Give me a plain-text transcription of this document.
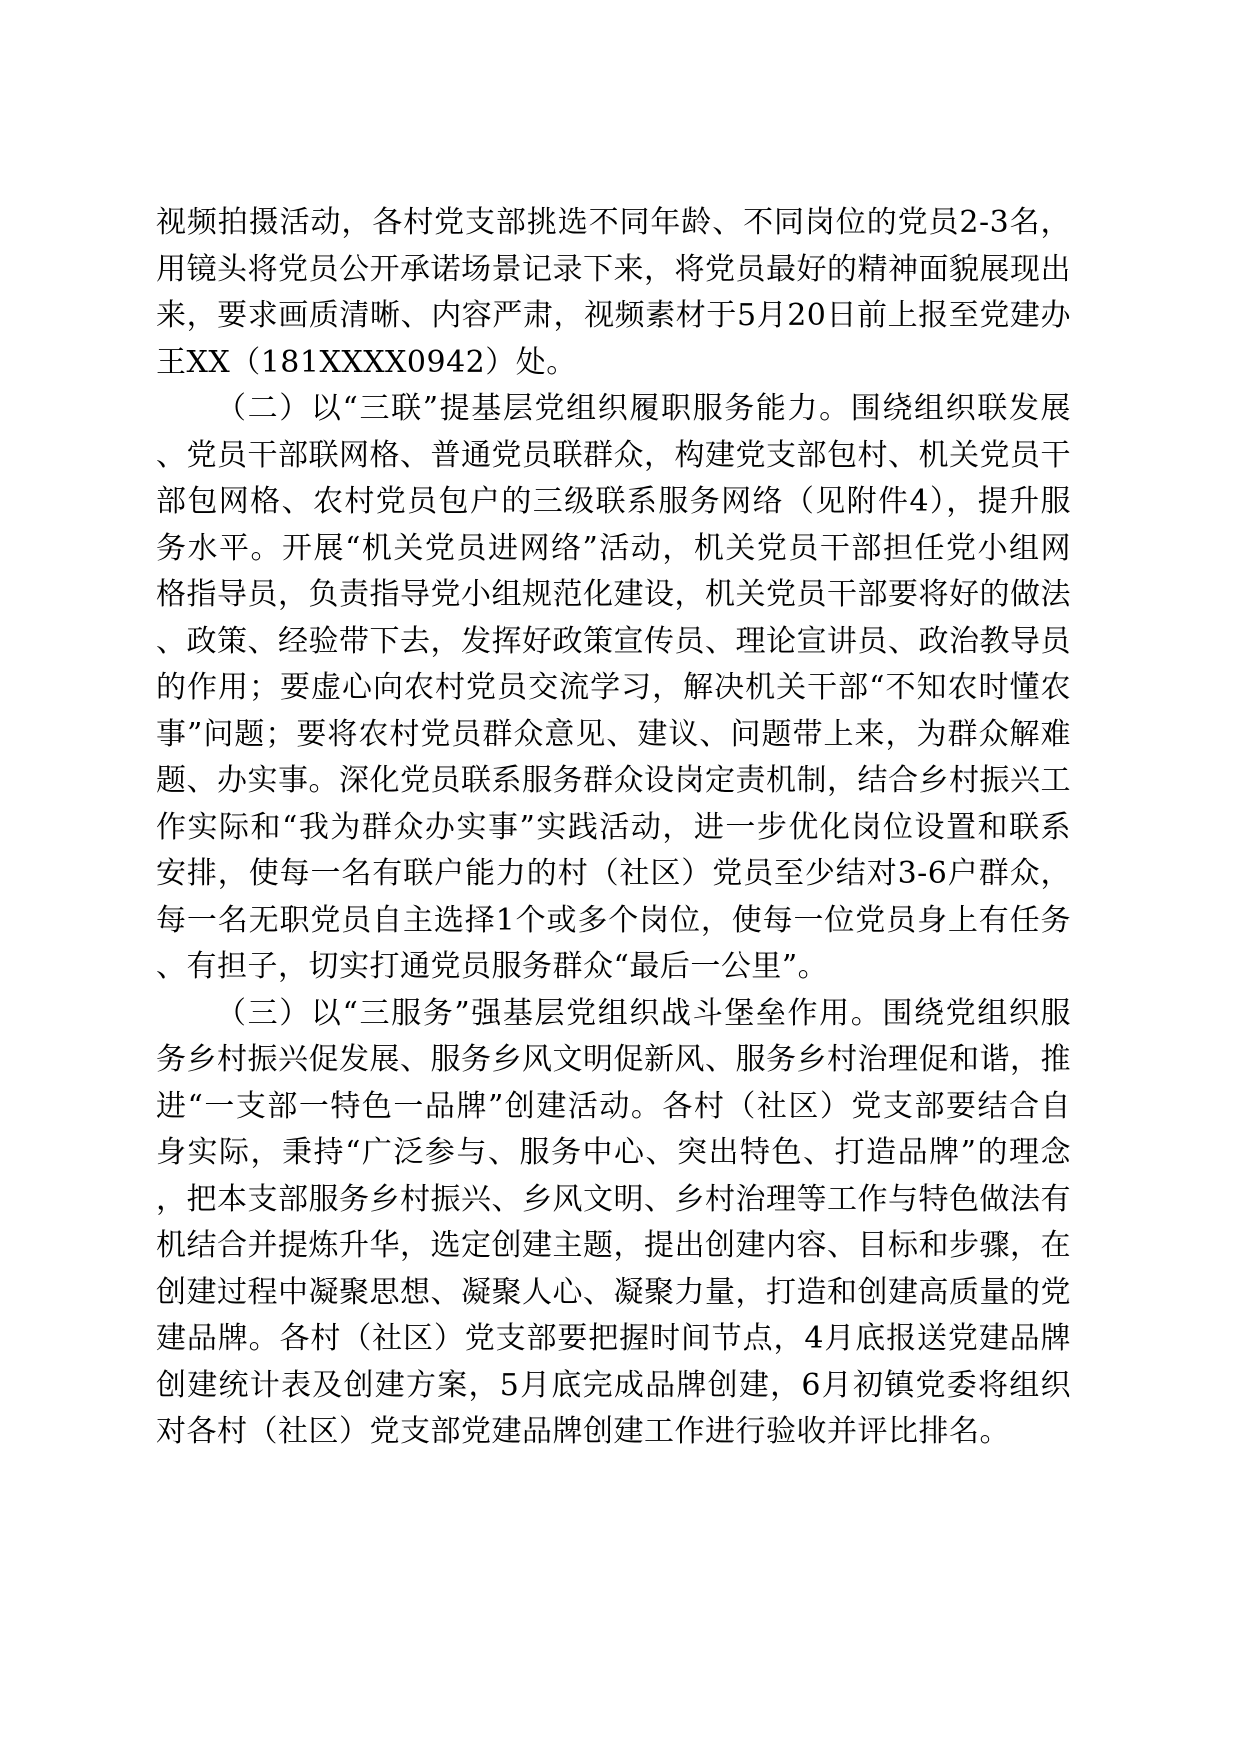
视频拍摄活动，各村党支部挑选不同年龄、不同岗位的党员2-3名，用镜头将党员公开承诺场景记录下来，将党员最好的精神面貌展现出来，要求画质清晰、内容严肃，视频素材于5月20日前上报至党建办王XX（181XXXX0942）处。

（二）以“三联”提基层党组织履职服务能力。围绕组织联发展、党员干部联网格、普通党员联群众，构建党支部包村、机关党员干部包网格、农村党员包户的三级联系服务网络（见附件4），提升服务水平。开展“机关党员进网络”活动，机关党员干部担任党小组网格指导员，负责指导党小组规范化建设，机关党员干部要将好的做法、政策、经验带下去，发挥好政策宣传员、理论宣讲员、政治教导员的作用；要虚心向农村党员交流学习，解决机关干部“不知农时懂农事”问题；要将农村党员群众意见、建议、问题带上来，为群众解难题、办实事。深化党员联系服务群众设岗定责机制，结合乡村振兴工作实际和“我为群众办实事”实践活动，进一步优化岗位设置和联系安排，使每一名有联户能力的村（社区）党员至少结对3-6户群众，每一名无职党员自主选择1个或多个岗位，使每一位党员身上有任务、有担子，切实打通党员服务群众“最后一公里”。

（三）以“三服务”强基层党组织战斗堡垒作用。围绕党组织服务乡村振兴促发展、服务乡风文明促新风、服务乡村治理促和谐，推进“一支部一特色一品牌”创建活动。各村（社区）党支部要结合自身实际，秉持“广泛参与、服务中心、突出特色、打造品牌”的理念，把本支部服务乡村振兴、乡风文明、乡村治理等工作与特色做法有机结合并提炼升华，选定创建主题，提出创建内容、目标和步骤，在创建过程中凝聚思想、凝聚人心、凝聚力量，打造和创建高质量的党建品牌。各村（社区）党支部要把握时间节点，4月底报送党建品牌创建统计表及创建方案，5月底完成品牌创建，6月初镇党委将组织对各村（社区）党支部党建品牌创建工作进行验收并评比排名。
